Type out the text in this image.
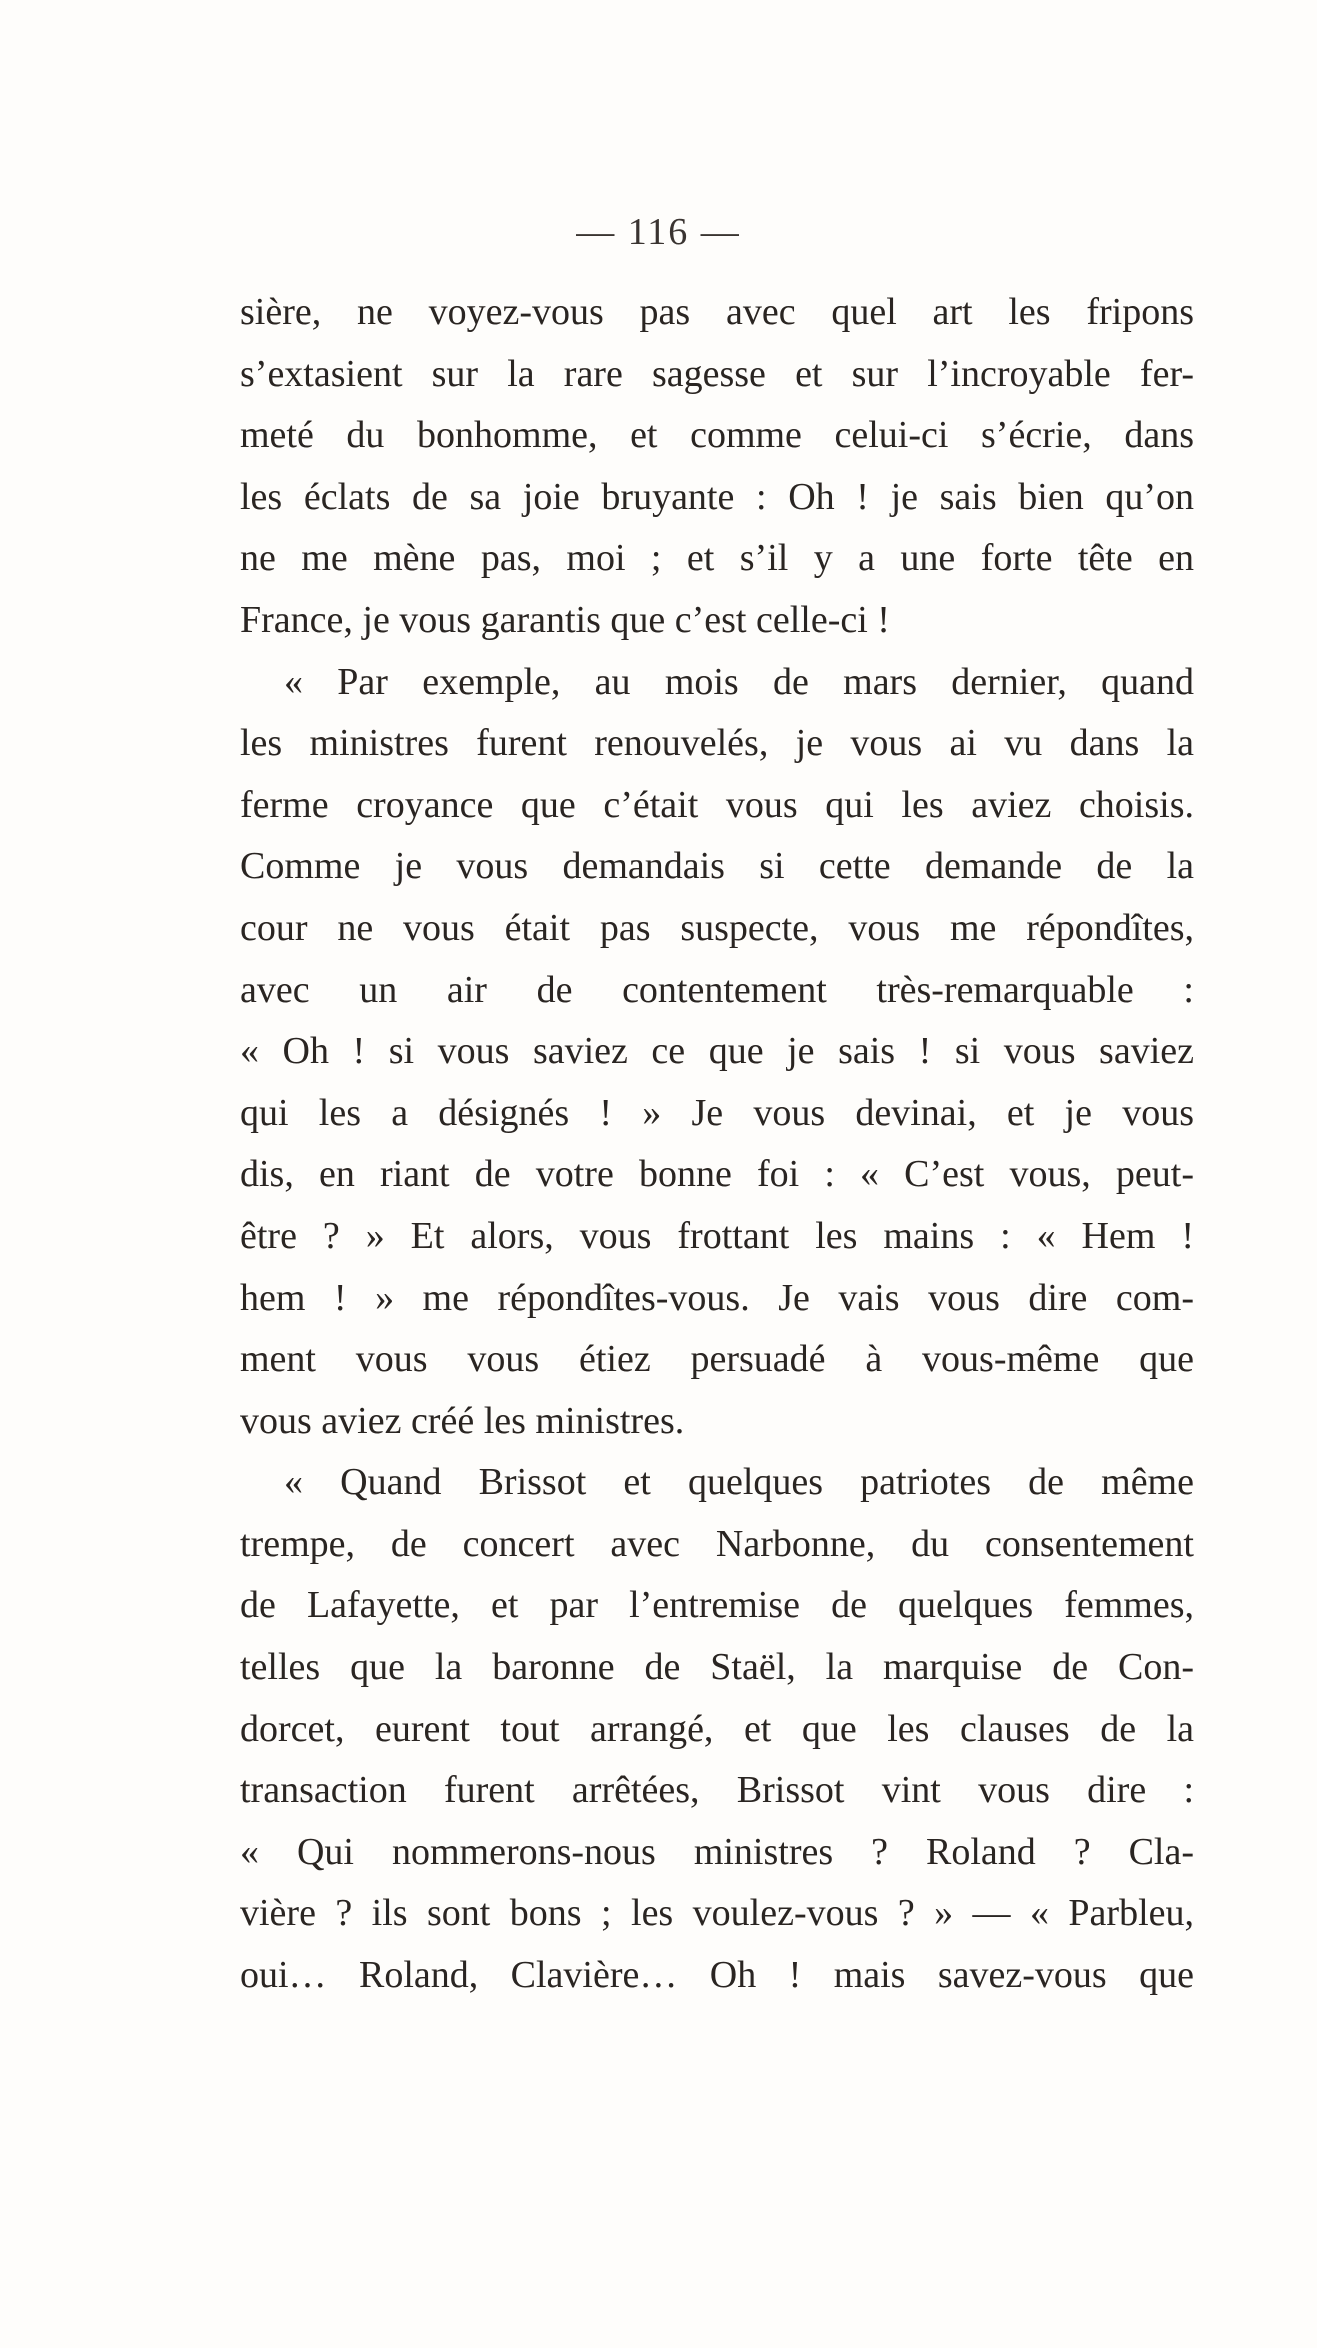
— 116 —
sière, ne voyez-vous pas avec quel art les fripons
s’extasient sur la rare sagesse et sur l’incroyable fer-
meté du bonhomme, et comme celui-ci s’écrie, dans
les éclats de sa joie bruyante : Oh ! je sais bien qu’on
ne me mène pas, moi ; et s’il y a une forte tête en
France, je vous garantis que c’est celle-ci !
« Par exemple, au mois de mars dernier, quand
les ministres furent renouvelés, je vous ai vu dans la
ferme croyance que c’était vous qui les aviez choisis.
Comme je vous demandais si cette demande de la
cour ne vous était pas suspecte, vous me répondîtes,
avec un air de contentement très-remarquable :
« Oh ! si vous saviez ce que je sais ! si vous saviez
qui les a désignés ! » Je vous devinai, et je vous
dis, en riant de votre bonne foi : « C’est vous, peut-
être ? » Et alors, vous frottant les mains : « Hem !
hem ! » me répondîtes-vous. Je vais vous dire com-
ment vous vous étiez persuadé à vous-même que
vous aviez créé les ministres.
« Quand Brissot et quelques patriotes de même
trempe, de concert avec Narbonne, du consentement
de Lafayette, et par l’entremise de quelques femmes,
telles que la baronne de Staël, la marquise de Con-
dorcet, eurent tout arrangé, et que les clauses de la
transaction furent arrêtées, Brissot vint vous dire :
« Qui nommerons-nous ministres ? Roland ? Cla-
vière ? ils sont bons ; les voulez-vous ? » — « Parbleu,
oui… Roland, Clavière… Oh ! mais savez-vous que
